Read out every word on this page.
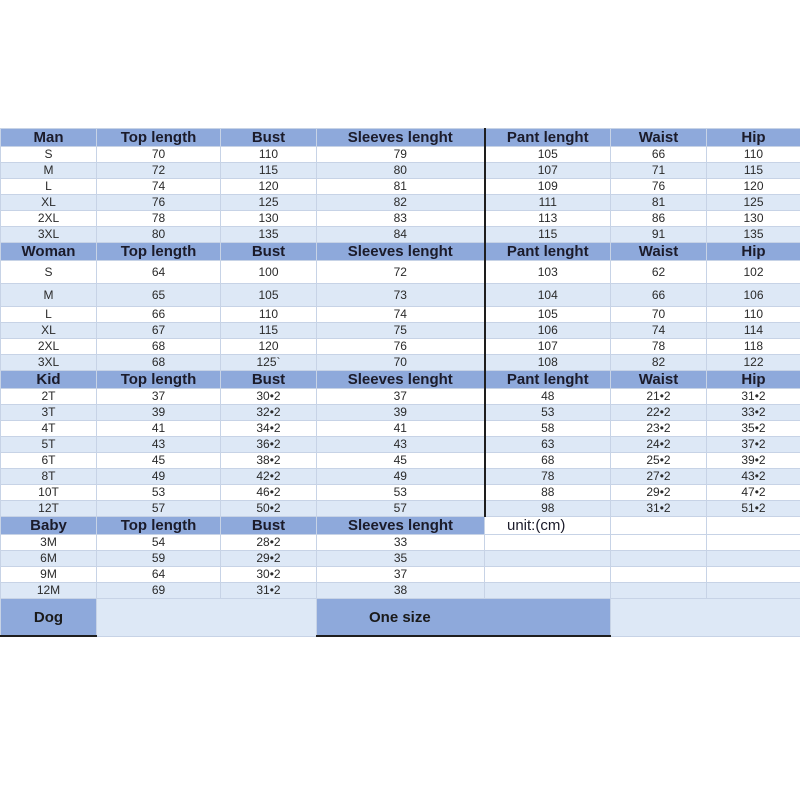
Man	Top length	Bust	Sleeves lenght	Pant lenght	Waist	Hip
S	70	110	79	105	66	110
M	72	115	80	107	71	115
L	74	120	81	109	76	120
XL	76	125	82	111	81	125
2XL	78	130	83	113	86	130
3XL	80	135	84	115	91	135
Woman	Top length	Bust	Sleeves lenght	Pant lenght	Waist	Hip
S	64	100	72	103	62	102
M	65	105	73	104	66	106
L	66	110	74	105	70	110
XL	67	115	75	106	74	114
2XL	68	120	76	107	78	118
3XL	68	125`	70	108	82	122
Kid	Top length	Bust	Sleeves lenght	Pant lenght	Waist	Hip
2T	37	30•2	37	48	21•2	31•2
3T	39	32•2	39	53	22•2	33•2
4T	41	34•2	41	58	23•2	35•2
5T	43	36•2	43	63	24•2	37•2
6T	45	38•2	45	68	25•2	39•2
8T	49	42•2	49	78	27•2	43•2
10T	53	46•2	53	88	29•2	47•2
12T	57	50•2	57	98	31•2	51•2
Baby	Top length	Bust	Sleeves lenght	unit:(cm)		
3M	54	28•2	33			
6M	59	29•2	35			
9M	64	30•2	37			
12M	69	31•2	38			
Dog			One size			
